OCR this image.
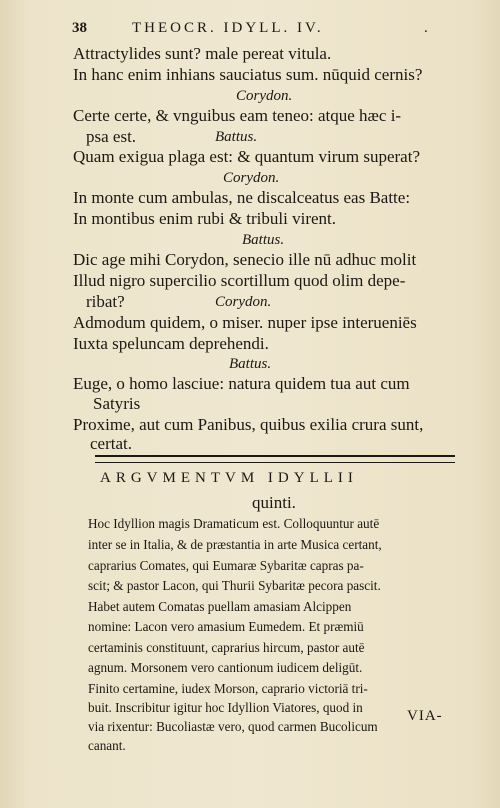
38	THEOCR. IDYLL. IV.	.
Attractylides sunt? male pereat vitula.
In hanc enim inhians sauciatus sum. nūquid cernis?
Corydon.
Certe certe, & vnguibus eam teneo: atque hæc i-
psa est.	Battus.
Quam exigua plaga est: & quantum virum superat?
Corydon.
In monte cum ambulas, ne discalceatus eas Batte:
In montibus enim rubi & tribuli virent.
Battus.
Dic age mihi Corydon, senecio ille nū adhuc molit
Illud nigro supercilio scortillum quod olim depe-
ribat?	Corydon.
Admodum quidem, o miser. nuper ipse interueniēs
Iuxta speluncam deprehendi.
Battus.
Euge, o homo lasciue: natura quidem tua aut cum
Satyris
Proxime, aut cum Panibus, quibus exilia crura sunt,
certat.
ARGVMENTVM IDYLLII
quinti.
Hoc Idyllion magis Dramaticum est. Colloquuntur autē
inter se in Italia, & de præstantia in arte Musica certant,
caprarius Comates, qui Eumaræ Sybaritæ capras pa-
scit; & pastor Lacon, qui Thurii Sybaritæ pecora pascit.
Habet autem Comatas puellam amasiam Alcippen
nomine: Lacon vero amasium Eumedem. Et præmiū
certaminis constituunt, caprarius hircum, pastor autē
agnum. Morsonem vero cantionum iudicem deligūt.
Finito certamine, iudex Morson, caprario victoriā tri-
buit. Inscribitur igitur hoc Idyllion Viatores, quod in
via rixentur: Bucoliastæ vero, quod carmen Bucolicum
canant.
VIA-
